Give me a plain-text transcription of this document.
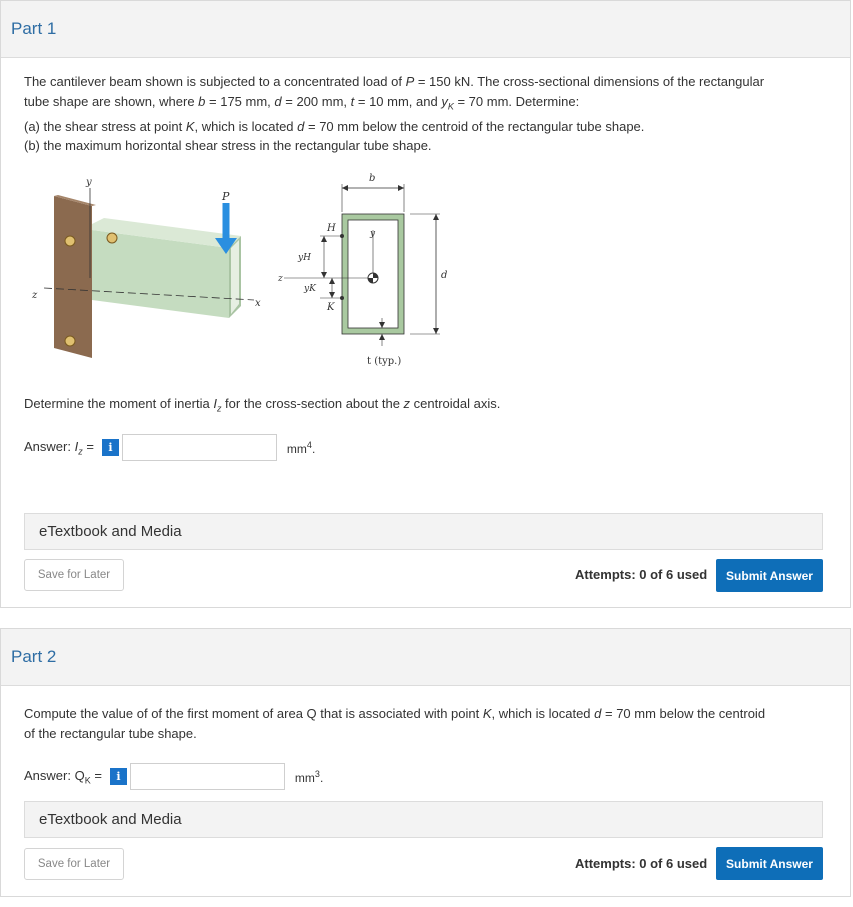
Part 1

The cantilever beam shown is subjected to a concentrated load of P = 150 kN. The cross-sectional dimensions of the rectangular

tube shape are shown, where b = 175 mm, d = 200 mm, t = 10 mm, and $y_K = 70$ mm. Determine:

(a) the shear stress at point K, which is located d = 70 mm below the centroid of the rectangular tube shape.

(b) the maximum horizontal shear stress in the rectangular tube shape.

y
z
x
P
b
d
y
z
H
K
yH
yK
t (typ.)
Determine the moment of inertia $I_z$ for the cross-section about the z centroidal axis.
Answer: $I_z$ =	i	$mm^4$.
eTextbook and Media
Save for Later	Attempts: 0 of 6 used	Submit Answer
Part 2
Compute the value of of the first moment of area Q that is associated with point K, which is located d = 70 mm below the centroid
of the rectangular tube shape.
Answer: $Q_K$ =	i	$mm^3$.
eTextbook and Media
Save for Later	Attempts: 0 of 6 used	Submit Answer
